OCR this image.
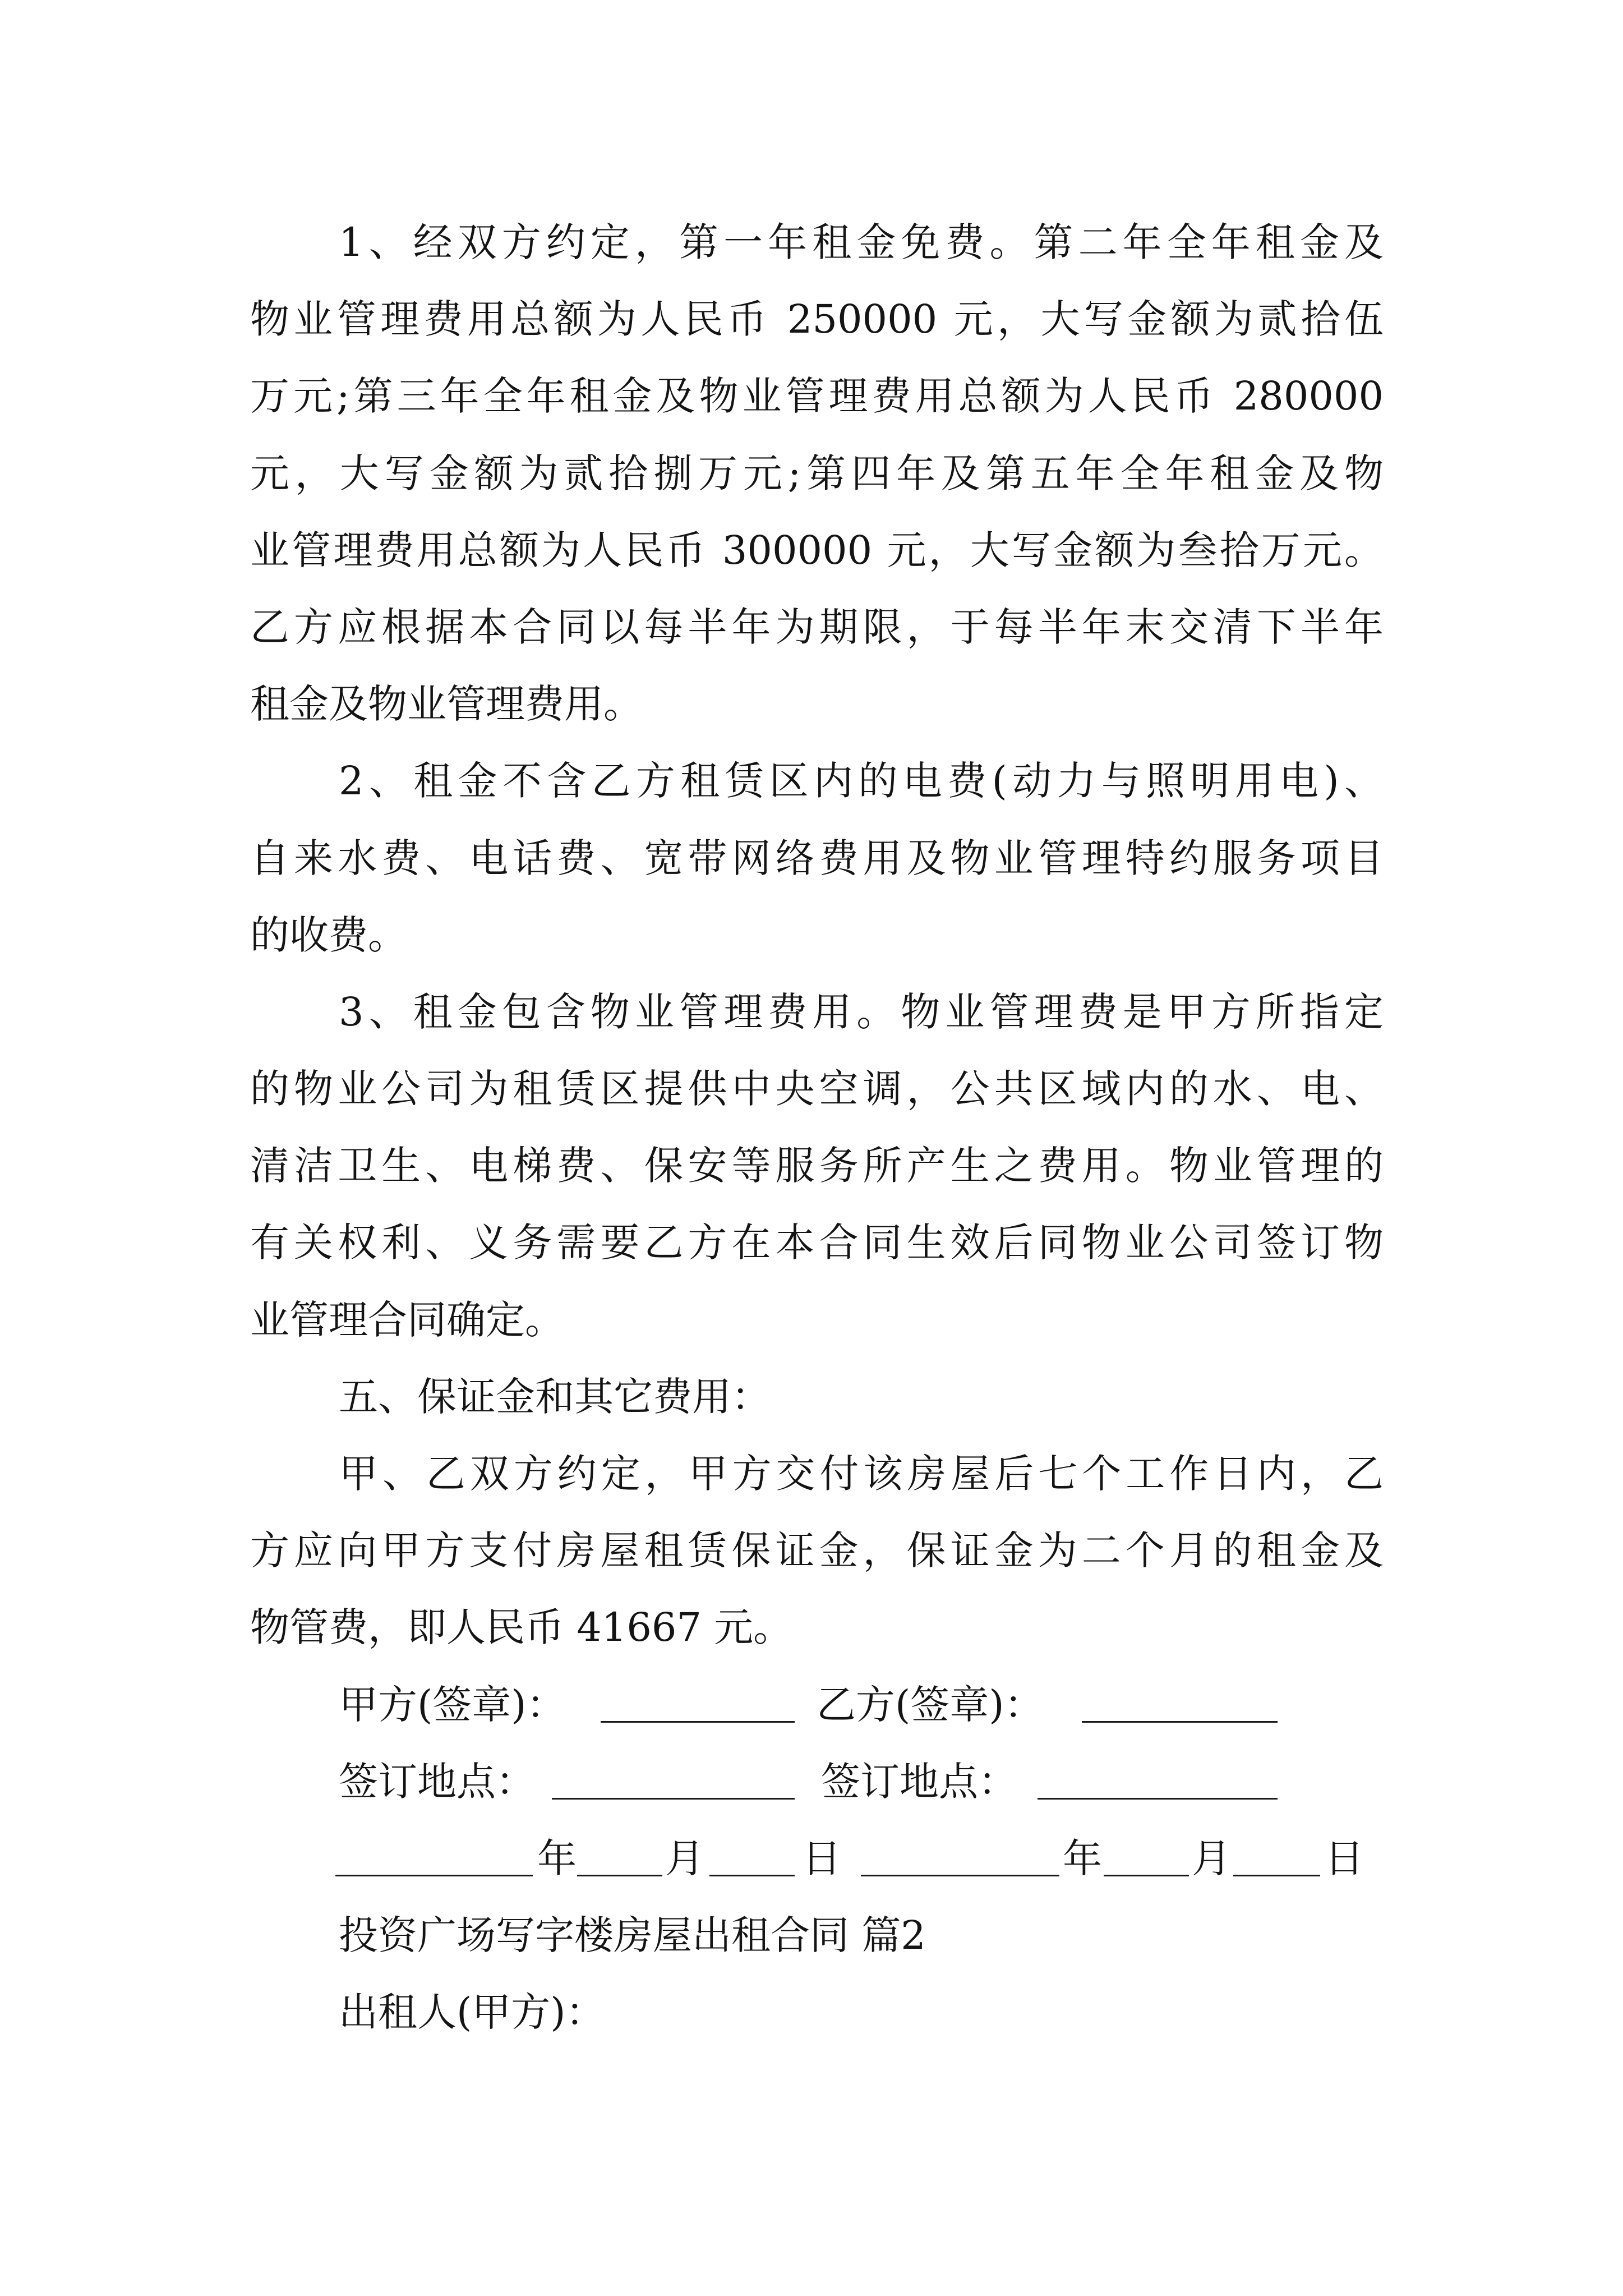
1、经双方约定，第一年租金免费。第二年全年租金及
物业管理费用总额为人民币 250000 元，大写金额为贰拾伍
万元;第三年全年租金及物业管理费用总额为人民币 280000
元，大写金额为贰拾捌万元;第四年及第五年全年租金及物
业管理费用总额为人民币 300000 元，大写金额为叁拾万元。
乙方应根据本合同以每半年为期限，于每半年末交清下半年
租金及物业管理费用。
2、租金不含乙方租赁区内的电费(动力与照明用电)、
自来水费、电话费、宽带网络费用及物业管理特约服务项目
的收费。
3、租金包含物业管理费用。物业管理费是甲方所指定
的物业公司为租赁区提供中央空调，公共区域内的水、电、
清洁卫生、电梯费、保安等服务所产生之费用。物业管理的
有关权利、义务需要乙方在本合同生效后同物业公司签订物
业管理合同确定。
五、保证金和其它费用：
甲、乙双方约定，甲方交付该房屋后七个工作日内，乙
方应向甲方支付房屋租赁保证金，保证金为二个月的租金及
物管费，即人民币 41667 元。
甲方(签章)：	乙方(签章)：
签订地点：	签订地点：
年 月 日	年 月 日
投资广场写字楼房屋出租合同 篇2
出租人(甲方)：
